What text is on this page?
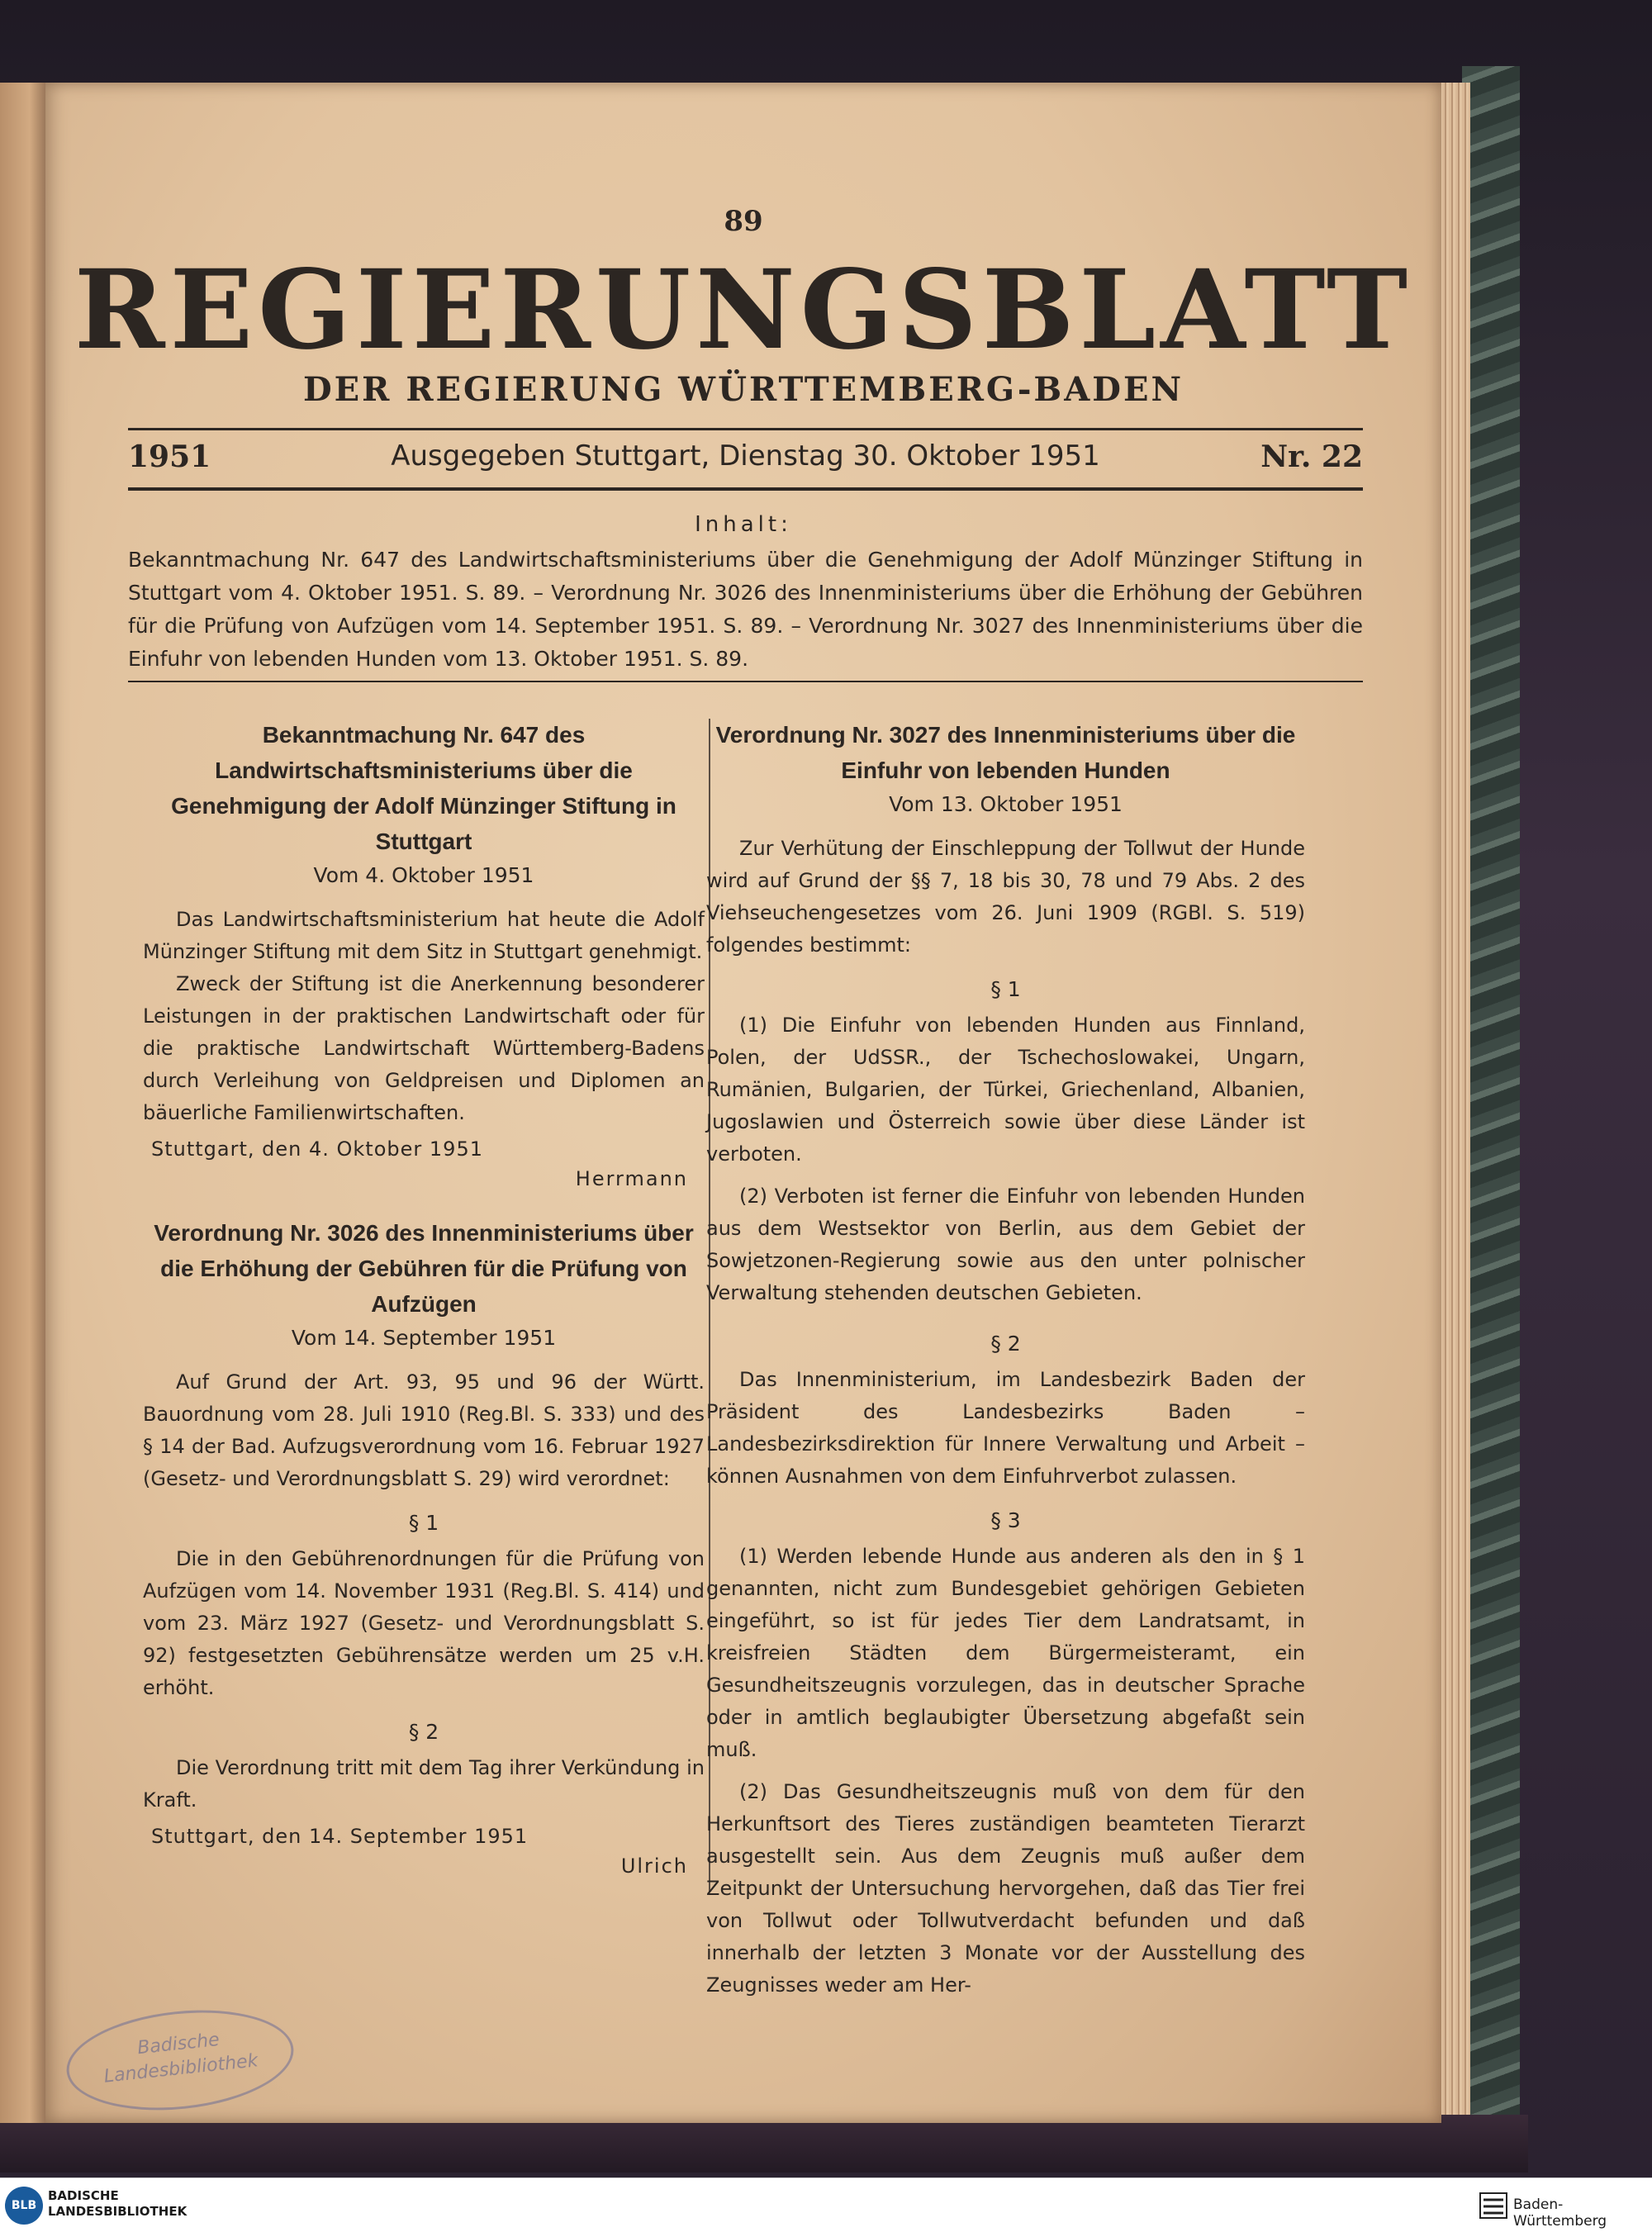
89
REGIERUNGSBLATT
DER REGIERUNG WÜRTTEMBERG-BADEN
1951	Ausgegeben Stuttgart, Dienstag 30. Oktober 1951	Nr. 22
Inhalt:
Bekanntmachung Nr. 647 des Landwirtschaftsministeriums über die Genehmigung der Adolf Münzinger Stiftung in Stuttgart vom 4. Oktober 1951. S. 89. – Verordnung Nr. 3026 des Innenministeriums über die Erhöhung der Gebühren für die Prüfung von Aufzügen vom 14. September 1951. S. 89. – Verordnung Nr. 3027 des Innenministeriums über die Einfuhr von lebenden Hunden vom 13. Oktober 1951. S. 89.
Bekanntmachung Nr. 647 des Landwirtschaftsministeriums über die Genehmigung der Adolf Münzinger Stiftung in Stuttgart

Vom 4. Oktober 1951

Das Landwirtschaftsministerium hat heute die Adolf Münzinger Stiftung mit dem Sitz in Stuttgart genehmigt.

Zweck der Stiftung ist die Anerkennung besonderer Leistungen in der praktischen Landwirtschaft oder für die praktische Landwirtschaft Württemberg-Badens durch Verleihung von Geldpreisen und Diplomen an bäuerliche Familienwirtschaften.

Stuttgart, den 4. Oktober 1951

Herrmann

Verordnung Nr. 3026 des Innenministeriums über die Erhöhung der Gebühren für die Prüfung von Aufzügen

Vom 14. September 1951

Auf Grund der Art. 93, 95 und 96 der Württ. Bauordnung vom 28. Juli 1910 (Reg.Bl. S. 333) und des § 14 der Bad. Aufzugsverordnung vom 16. Februar 1927 (Gesetz- und Verordnungsblatt S. 29) wird verordnet:

§ 1

Die in den Gebührenordnungen für die Prüfung von Aufzügen vom 14. November 1931 (Reg.Bl. S. 414) und vom 23. März 1927 (Gesetz- und Verordnungsblatt S. 92) festgesetzten Gebührensätze werden um 25 v.H. erhöht.

§ 2

Die Verordnung tritt mit dem Tag ihrer Verkündung in Kraft.

Stuttgart, den 14. September 1951

Ulrich

Verordnung Nr. 3027 des Innenministeriums über die Einfuhr von lebenden Hunden

Vom 13. Oktober 1951

Zur Verhütung der Einschleppung der Tollwut der Hunde wird auf Grund der §§ 7, 18 bis 30, 78 und 79 Abs. 2 des Viehseuchengesetzes vom 26. Juni 1909 (RGBl. S. 519) folgendes bestimmt:

§ 1

(1) Die Einfuhr von lebenden Hunden aus Finnland, Polen, der UdSSR., der Tschechoslowakei, Ungarn, Rumänien, Bulgarien, der Türkei, Griechenland, Albanien, Jugoslawien und Österreich sowie über diese Länder ist verboten.

(2) Verboten ist ferner die Einfuhr von lebenden Hunden aus dem Westsektor von Berlin, aus dem Gebiet der Sowjetzonen-Regierung sowie aus den unter polnischer Verwaltung stehenden deutschen Gebieten.

§ 2

Das Innenministerium, im Landesbezirk Baden der Präsident des Landesbezirks Baden – Landesbezirksdirektion für Innere Verwaltung und Arbeit – können Ausnahmen von dem Einfuhrverbot zulassen.

§ 3

(1) Werden lebende Hunde aus anderen als den in § 1 genannten, nicht zum Bundesgebiet gehörigen Gebieten eingeführt, so ist für jedes Tier dem Landratsamt, in kreisfreien Städten dem Bürgermeisteramt, ein Gesundheitszeugnis vorzulegen, das in deutscher Sprache oder in amtlich beglaubigter Übersetzung abgefaßt sein muß.

(2) Das Gesundheitszeugnis muß von dem für den Herkunftsort des Tieres zuständigen beamteten Tierarzt ausgestellt sein. Aus dem Zeugnis muß außer dem Zeitpunkt der Untersuchung hervorgehen, daß das Tier frei von Tollwut oder Tollwutverdacht befunden und daß innerhalb der letzten 3 Monate vor der Ausstellung des Zeugnisses weder am Her-

Badische
Landesbibliothek
BLB
BADISCHE
LANDESBIBLIOTHEK	Baden-Württemberg
